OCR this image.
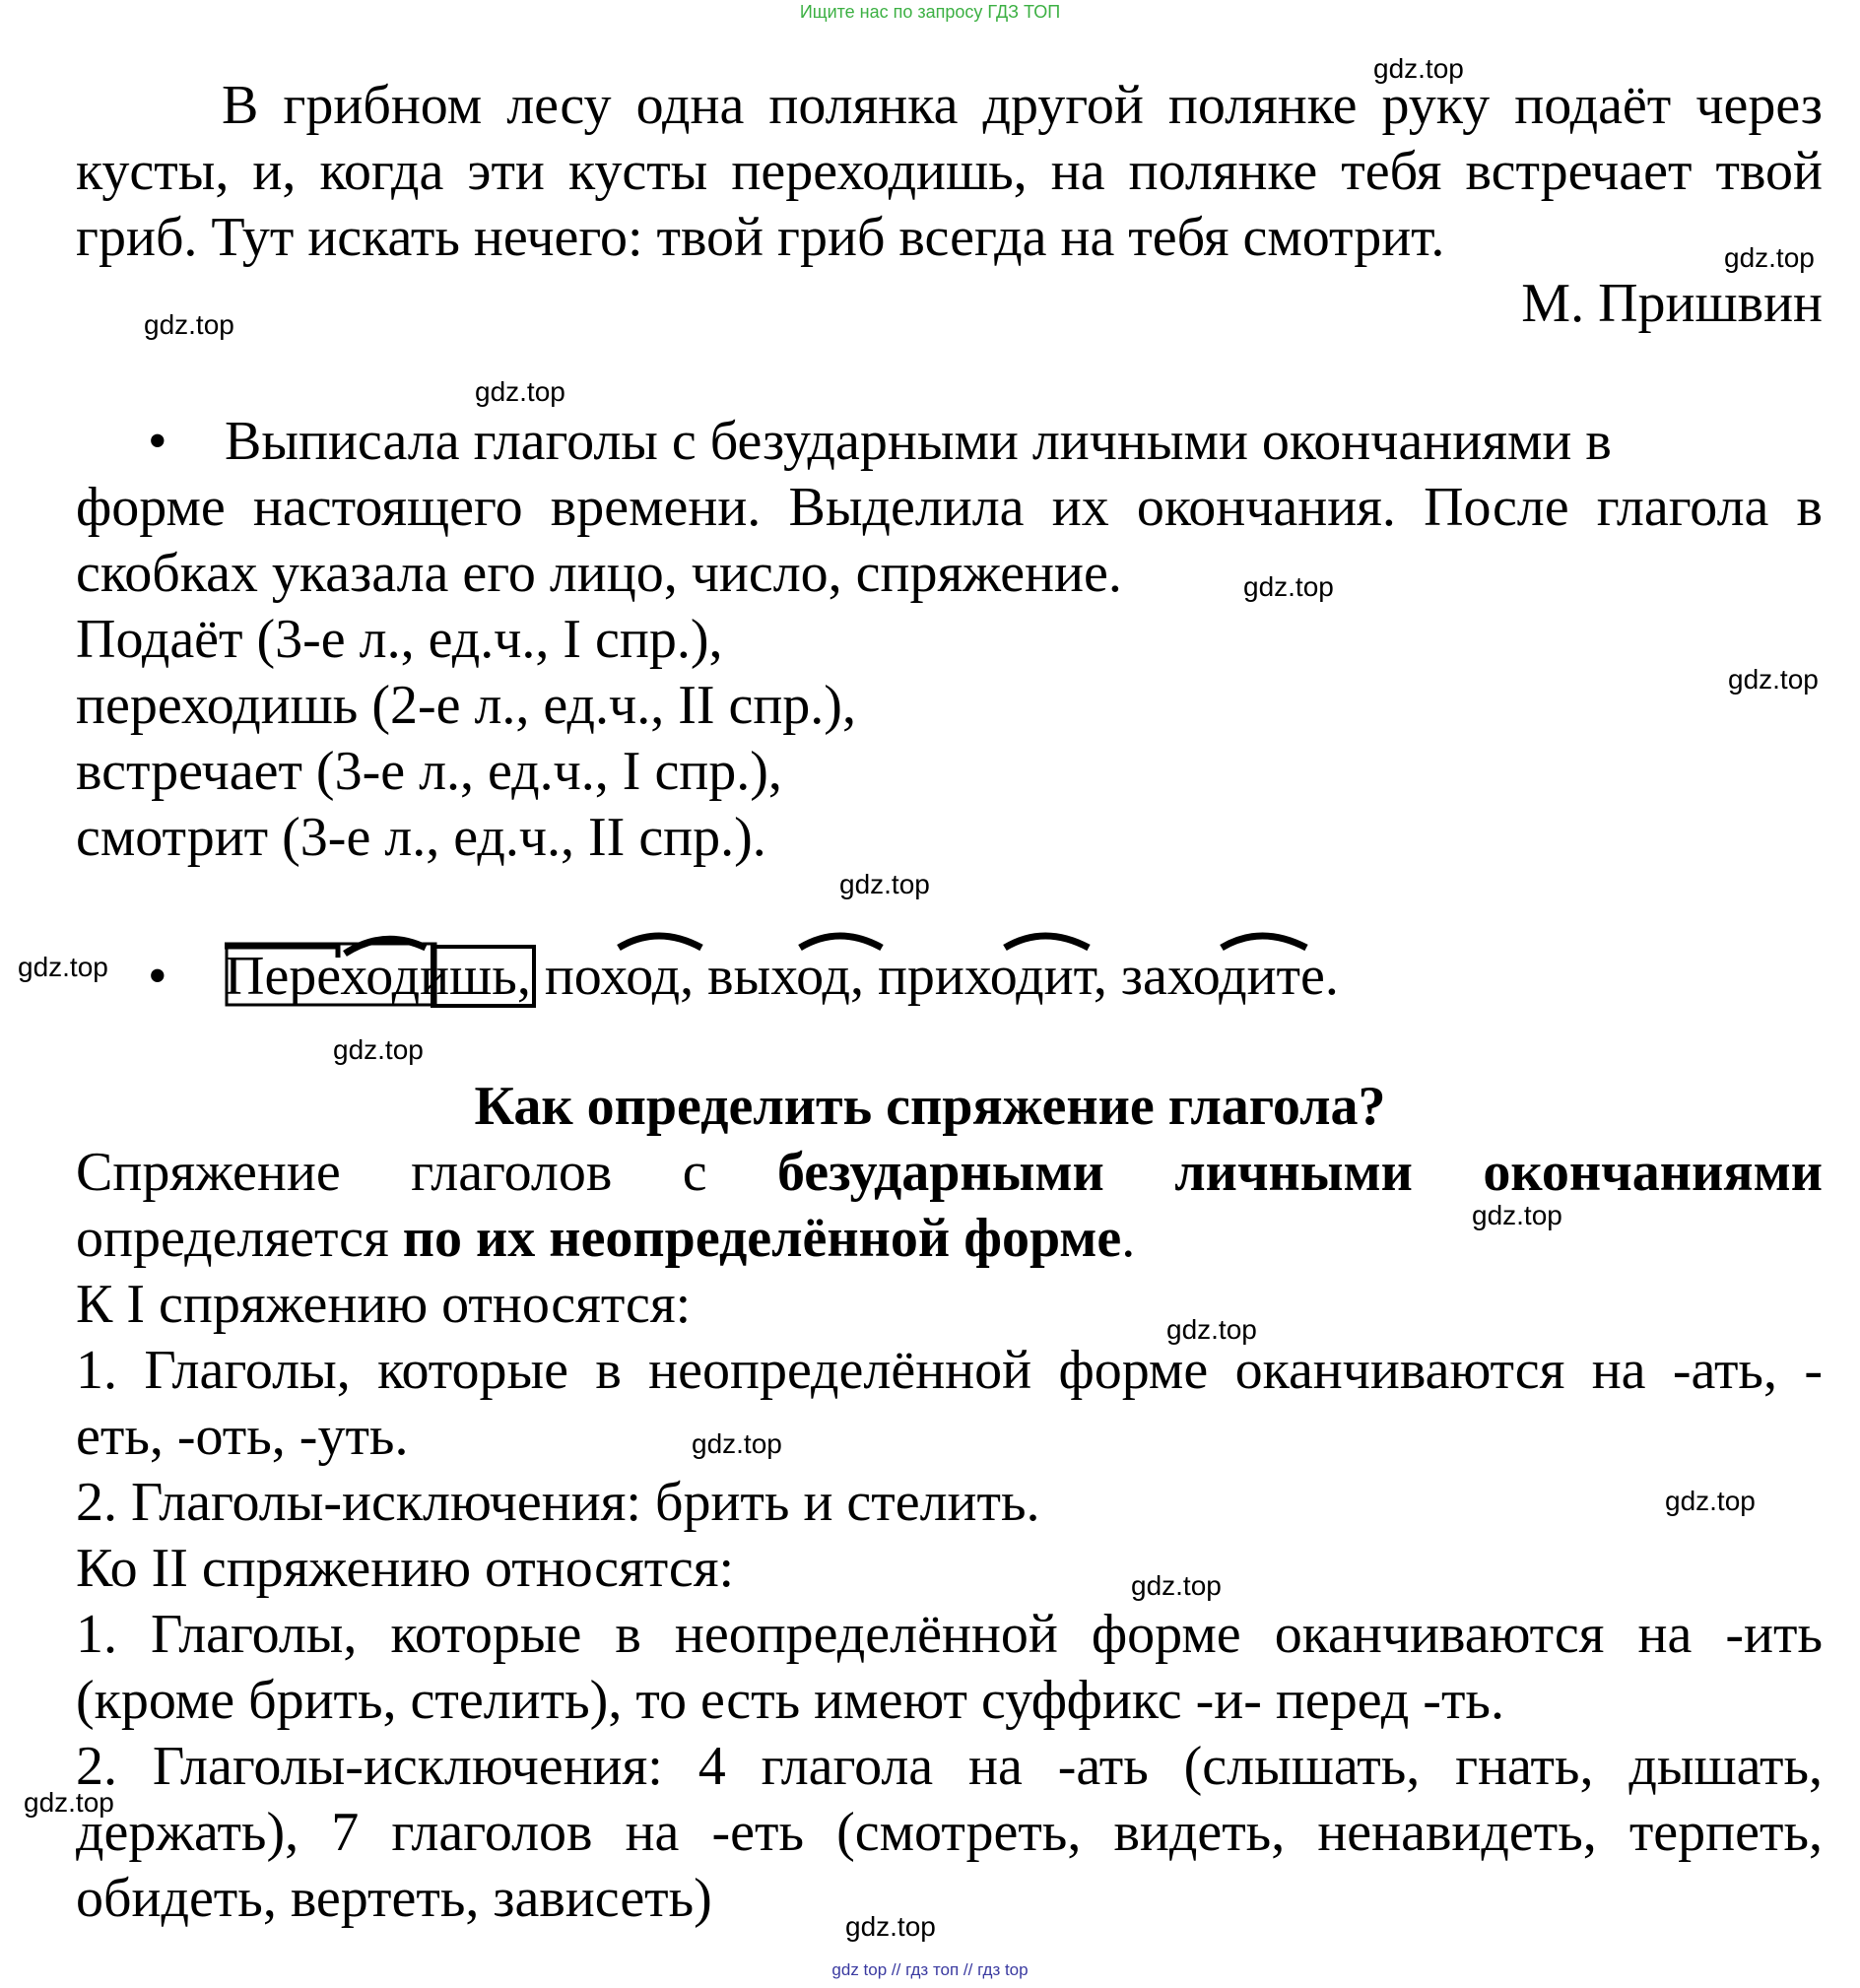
Ищите нас по запросу ГДЗ ТОП
В грибном лесу одна полянка другой полянке руку подаёт через
кусты, и, когда эти кусты переходишь, на полянке тебя встречает твой
гриб. Тут искать нечего: твой гриб всегда на тебя смотрит.
М. Пришвин
• Выписала глаголы с безударными личными окончаниями в
форме настоящего времени. Выделила их окончания. После глагола в
скобках указала его лицо, число, спряжение.
Подаёт (3-е л., ед.ч., I спр.),
переходишь (2-е л., ед.ч., II спр.),
встречает (3-е л., ед.ч., I спр.),
смотрит (3-е л., ед.ч., II спр.).
• Переходишь, поход, выход, приходит, заходите.
Как определить спряжение глагола?
Спряжение глаголов с безударными личными окончаниями
определяется по их неопределённой форме.
К I спряжению относятся:
1. Глаголы, которые в неопределённой форме оканчиваются на -ать, -
еть, -оть, -уть.
2. Глаголы-исключения: брить и стелить.
Ко II спряжению относятся:
1. Глаголы, которые в неопределённой форме оканчиваются на -ить
(кроме брить, стелить), то есть имеют суффикс -и- перед -ть.
2. Глаголы-исключения: 4 глагола на -ать (слышать, гнать, дышать,
держать), 7 глаголов на -еть (смотреть, видеть, ненавидеть, терпеть,
обидеть, вертеть, зависеть)
gdz.top
gdz.top
gdz.top
gdz.top
gdz.top
gdz.top
gdz.top
gdz.top
gdz.top
gdz.top
gdz.top
gdz.top
gdz.top
gdz.top
gdz.top
gdz.top
gdz top // гдз топ // гдз top
